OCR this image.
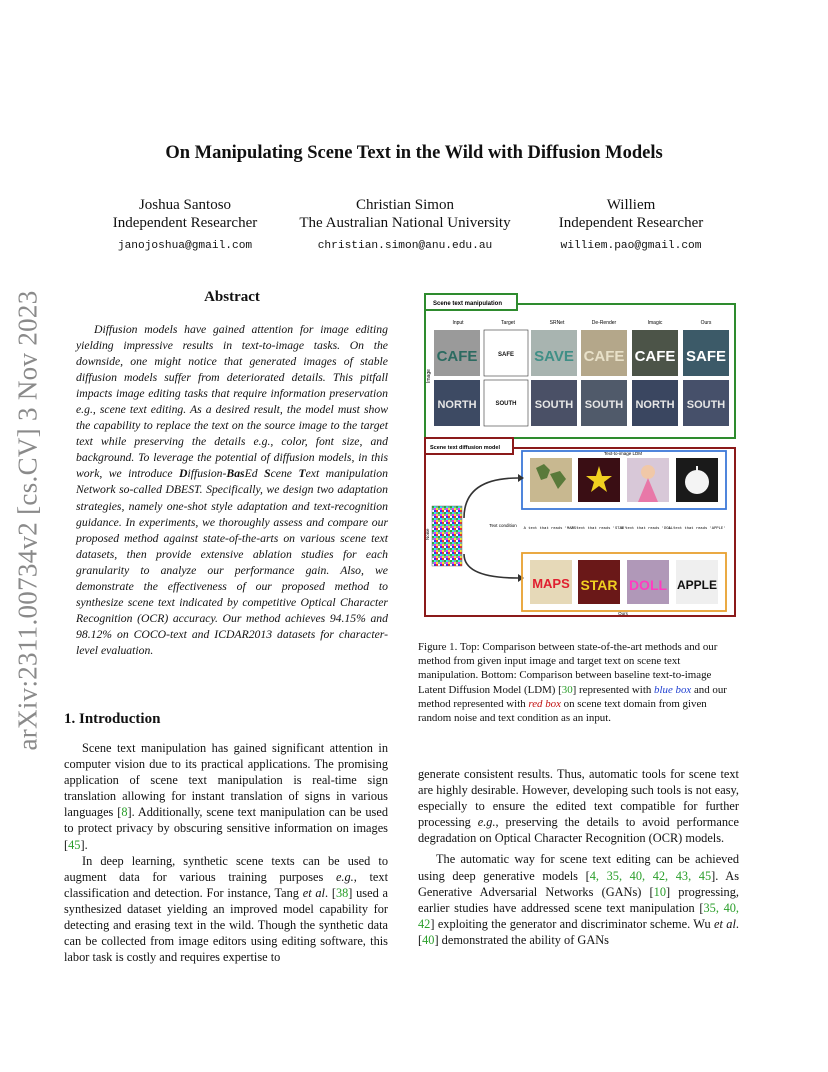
arXiv:2311.00734v2 [cs.CV] 3 Nov 2023
On Manipulating Scene Text in the Wild with Diffusion Models
Joshua Santoso
Independent Researcher
janojoshua@gmail.com
Christian Simon
The Australian National University
christian.simon@anu.edu.au
Williem
Independent Researcher
williem.pao@gmail.com
Abstract
Diffusion models have gained attention for image editing yielding impressive results in text-to-image tasks. On the downside, one might notice that generated images of stable diffusion models suffer from deteriorated details. This pitfall impacts image editing tasks that require information preservation e.g., scene text editing. As a desired result, the model must show the capability to replace the text on the source image to the target text while preserving the details e.g., color, font size, and background. To leverage the potential of diffusion models, in this work, we introduce Diffusion-BasEd Scene Text manipulation Network so-called DBEST. Specifically, we design two adaptation strategies, namely one-shot style adaptation and text-recognition guidance. In experiments, we thoroughly assess and compare our proposed method against state-of-the-arts on various scene text datasets, then provide extensive ablation studies for each granularity to analyze our performance gain. Also, we demonstrate the effectiveness of our proposed method to synthesize scene text indicated by competitive Optical Character Recognition (OCR) accuracy. Our method achieves 94.15% and 98.12% on COCO-text and ICDAR2013 datasets for character-level evaluation.
1. Introduction

Scene text manipulation has gained significant attention in computer vision due to its practical applications. The promising application of scene text manipulation is real-time sign translation allowing for instant translation of signs in various languages [8]. Additionally, scene text manipulation can be used to protect privacy by obscuring sensitive information on images [45].

In deep learning, synthetic scene texts can be used to augment data for various training purposes e.g., text classification and detection. For instance, Tang et al. [38] used a synthesized dataset yielding an improved model capability for detecting and erasing text in the wild. Though the synthetic data can be collected from image editors using editing software, this labor task is costly and requires expertise to

Scene text manipulation
Input	Target	SRNet	De-Render	Imagic	Ours
Image
CAFE	SAFE SAVE CAFE CAFE SAFE
NORTH	SOUTH SOUTH SOUTH NORTH SOUTH
Scene text diffusion model
Text-to-image LDM
Noise
Text condition
A text that reads 'MAPS'
A text that reads 'STAR'
A text that reads 'DOLL'
A text that reads 'APPLE'
Ours
MAPS STAR DOLL APPLE
Figure 1. Top: Comparison between state-of-the-art methods and our method from given input image and target text on scene text manipulation. Bottom: Comparison between baseline text-to-image Latent Diffusion Model (LDM) [30] represented with blue box and our method represented with red box on scene text domain from given random noise and text condition as an input.

generate consistent results. Thus, automatic tools for scene text are highly desirable. However, developing such tools is not easy, especially to ensure the edited text compatible for further processing e.g., preserving the details to avoid performance degradation on Optical Character Recognition (OCR) models.

The automatic way for scene text editing can be achieved using deep generative models [4, 35, 40, 42, 43, 45]. As Generative Adversarial Networks (GANs) [10] progressing, earlier studies have addressed scene text manipulation [35, 40, 42] exploiting the generator and discriminator scheme. Wu et al. [40] demonstrated the ability of GANs
